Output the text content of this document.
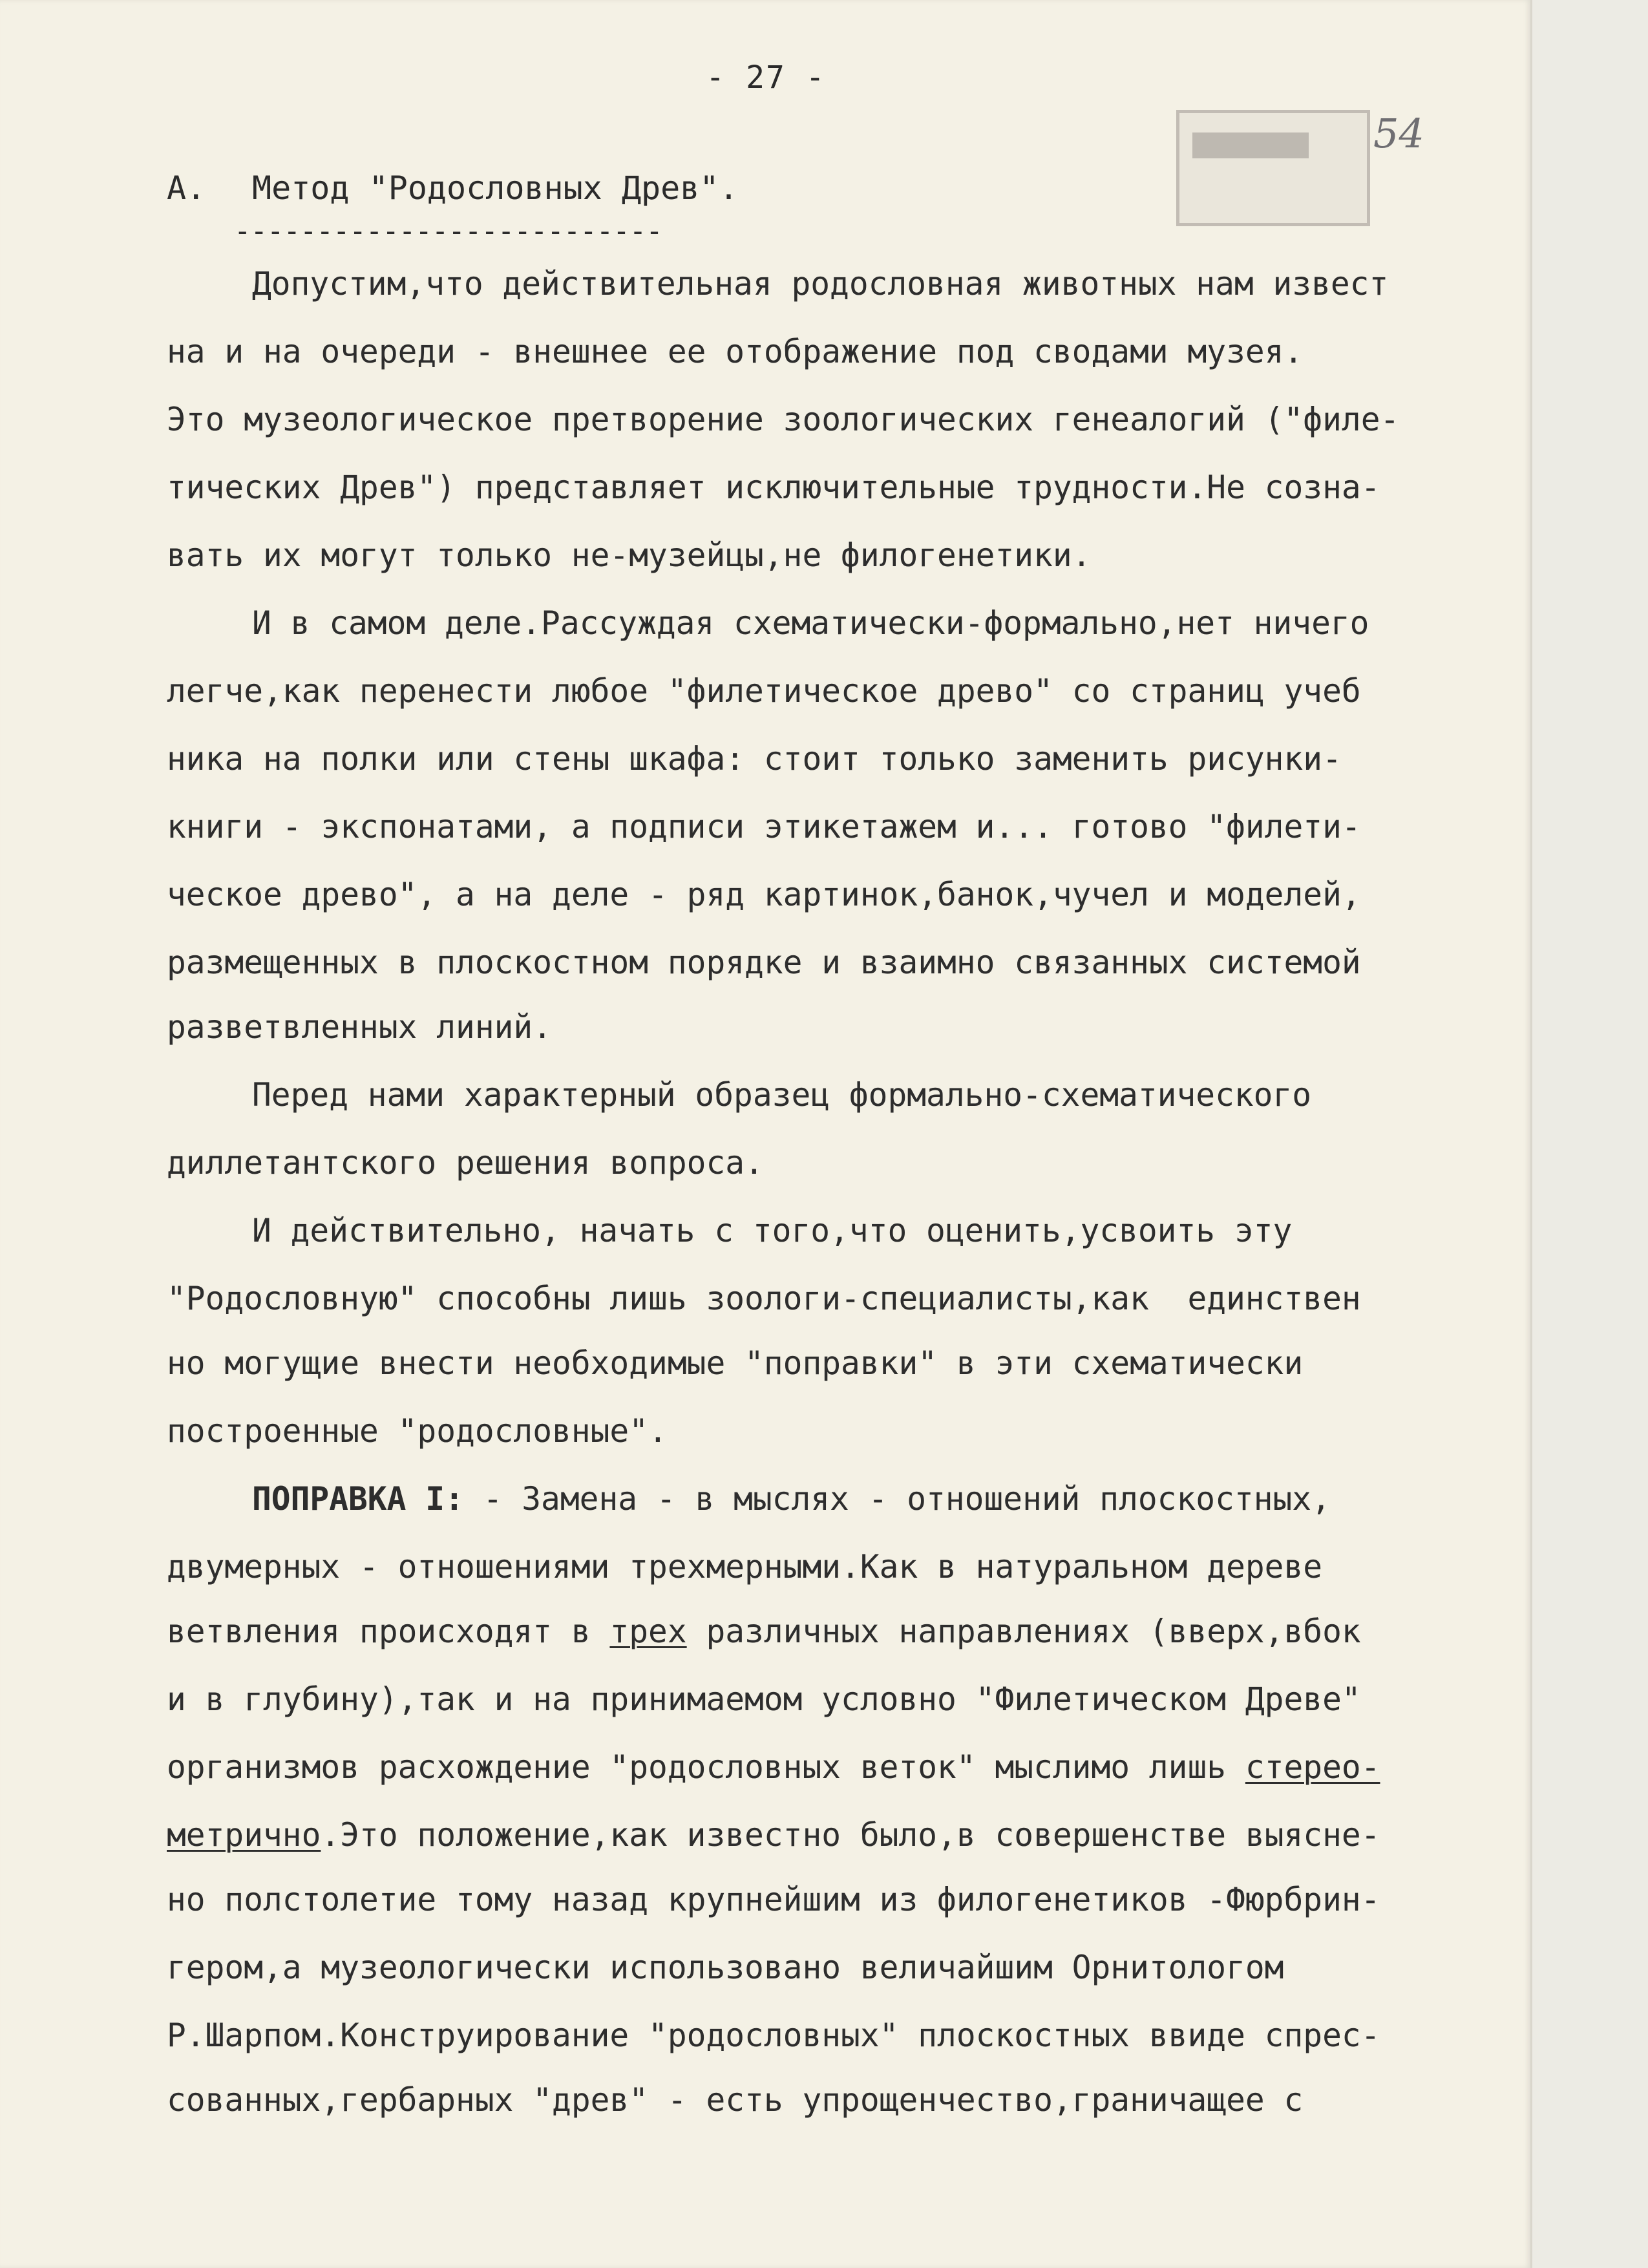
54
- 27 -
А. Метод "Родословных Древ".
--------------------------
Допустим,что действительная родословная животных нам извест
на и на очереди - внешнее ее отображение под сводами музея.
Это музеологическое претворение зоологических генеалогий ("филе-
тических Древ") представляет исключительные трудности.Не созна-
вать их могут только не-музейцы,не филогенетики.
И в самом деле.Рассуждая схематически-формально,нет ничего
легче,как перенести любое "филетическое древо" со страниц учеб
ника на полки или стены шкафа: стоит только заменить рисунки-
книги - экспонатами, а подписи этикетажем и... готово "филети-
ческое древо", а на деле - ряд картинок,банок,чучел и моделей,
размещенных в плоскостном порядке и взаимно связанных системой
разветвленных линий.
Перед нами характерный образец формально-схематического
диллетантского решения вопроса.
И действительно, начать с того,что оценить,усвоить эту
"Родословную" способны лишь зоологи-специалисты,как  единствен
но могущие внести необходимые "поправки" в эти схематически
построенные "родословные".
ПОПРАВКА I: - Замена - в мыслях - отношений плоскостных,
двумерных - отношениями трехмерными.Как в натуральном дереве
ветвления происходят в трех различных направлениях (вверх,вбок
и в глубину),так и на принимаемом условно "Филетическом Древе"
организмов расхождение "родословных веток" мыслимо лишь стерео-
метрично.Это положение,как известно было,в совершенстве выясне-
но полстолетие тому назад крупнейшим из филогенетиков -Фюрбрин-
гером,а музеологически использовано величайшим Орнитологом
Р.Шарпом.Конструирование "родословных" плоскостных ввиде спрес-
сованных,гербарных "древ" - есть упрощенчество,граничащее с
